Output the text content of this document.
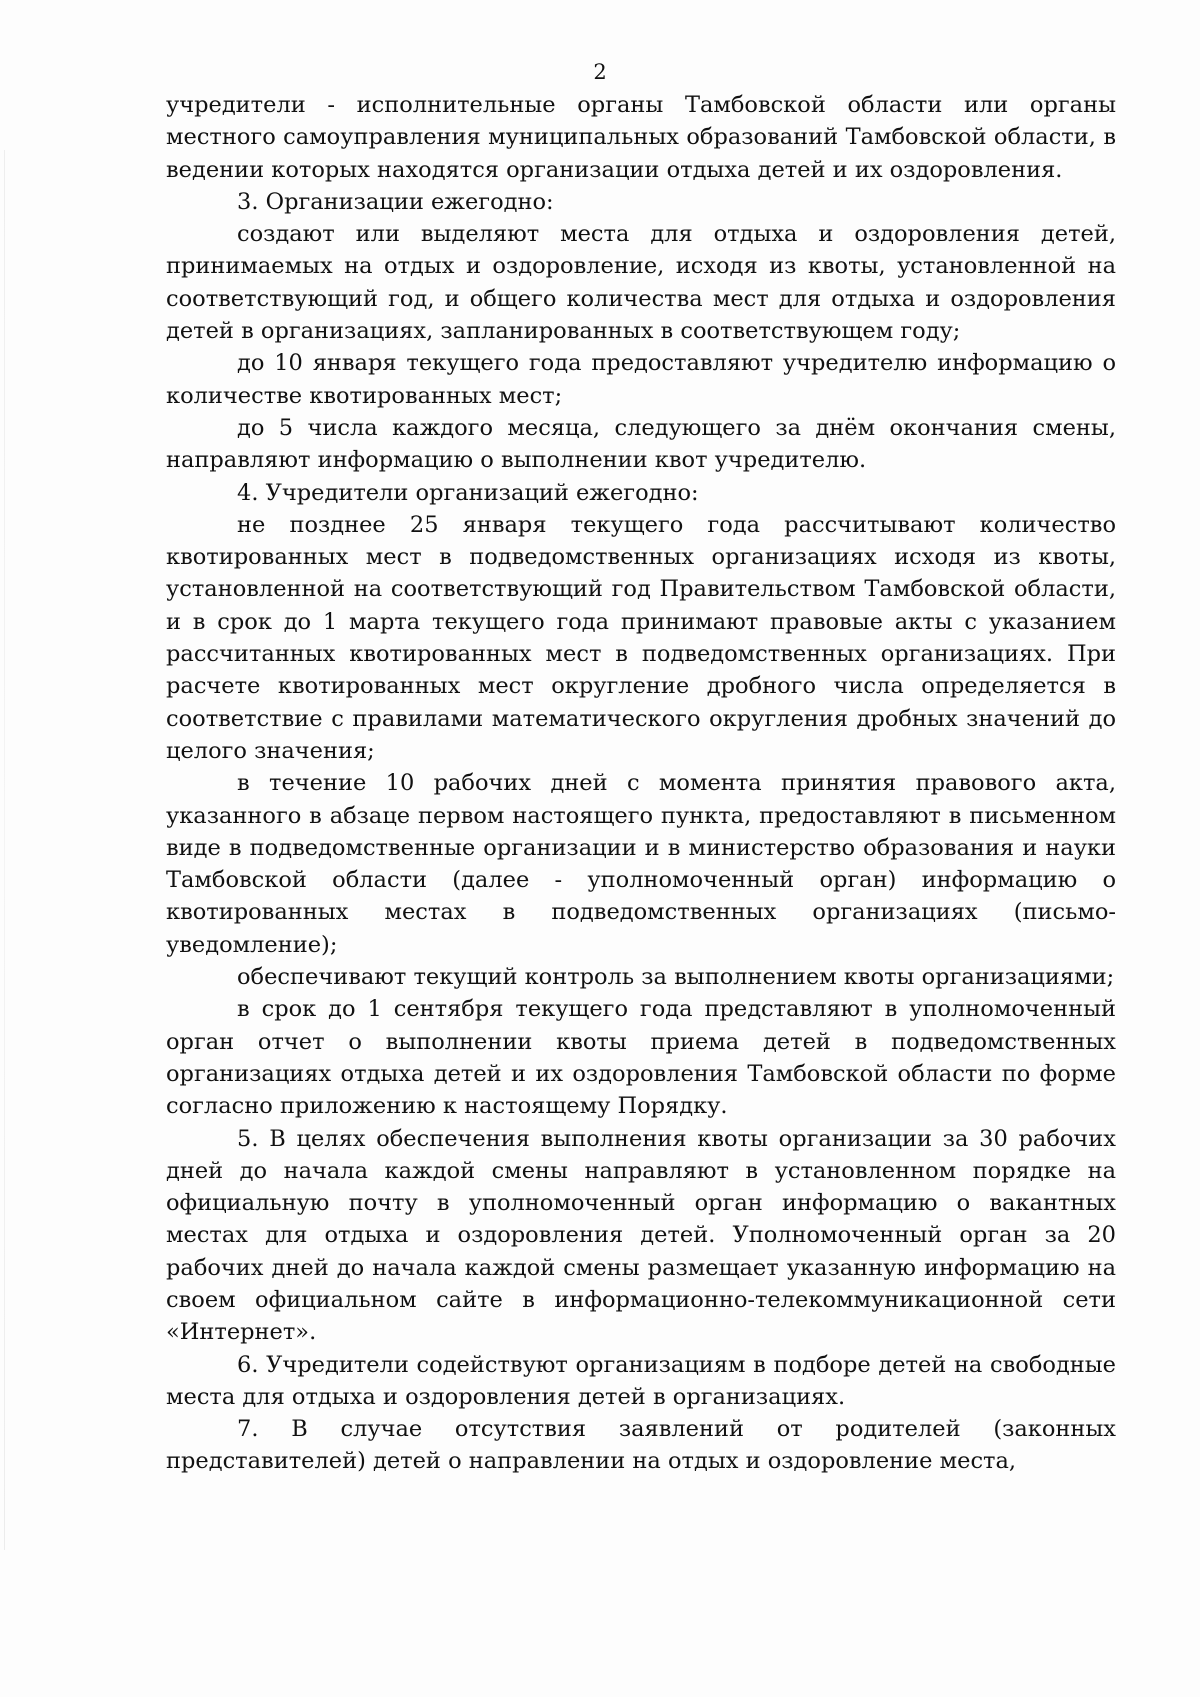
2

учредители - исполнительные органы Тамбовской области или органы местного самоуправления муниципальных образований Тамбовской области, в ведении которых находятся организации отдыха детей и их оздоровления.

3. Организации ежегодно:

создают или выделяют места для отдыха и оздоровления детей, принимаемых на отдых и оздоровление, исходя из квоты, установленной на соответствующий год, и общего количества мест для отдыха и оздоровления детей в организациях, запланированных в соответствующем году;

до 10 января текущего года предоставляют учредителю информацию о количестве квотированных мест;

до 5 числа каждого месяца, следующего за днём окончания смены, направляют информацию о выполнении квот учредителю.

4. Учредители организаций ежегодно:

не позднее 25 января текущего года рассчитывают количество квотированных мест в подведомственных организациях исходя из квоты, установленной на соответствующий год Правительством Тамбовской области, и в срок до 1 марта текущего года принимают правовые акты с указанием рассчитанных квотированных мест в подведомственных организациях. При расчете квотированных мест округление дробного числа определяется в соответствие с правилами математического округления дробных значений до целого значения;

в течение 10 рабочих дней с момента принятия правового акта, указанного в абзаце первом настоящего пункта, предоставляют в письменном виде в подведомственные организации и в министерство образования и науки Тамбовской области (далее - уполномоченный орган) информацию о квотированных местах в подведомственных организациях (письмо-уведомление);

обеспечивают текущий контроль за выполнением квоты организациями;

в срок до 1 сентября текущего года представляют в уполномоченный орган отчет о выполнении квоты приема детей в подведомственных организациях отдыха детей и их оздоровления Тамбовской области по форме согласно приложению к настоящему Порядку.

5. В целях обеспечения выполнения квоты организации за 30 рабочих дней до начала каждой смены направляют в установленном порядке на официальную почту в уполномоченный орган информацию о вакантных местах для отдыха и оздоровления детей. Уполномоченный орган за 20 рабочих дней до начала каждой смены размещает указанную информацию на своем официальном сайте в информационно-телекоммуникационной сети «Интернет».

6. Учредители содействуют организациям в подборе детей на свободные места для отдыха и оздоровления детей в организациях.

7. В случае отсутствия заявлений от родителей (законных представителей) детей о направлении на отдых и оздоровление места,
